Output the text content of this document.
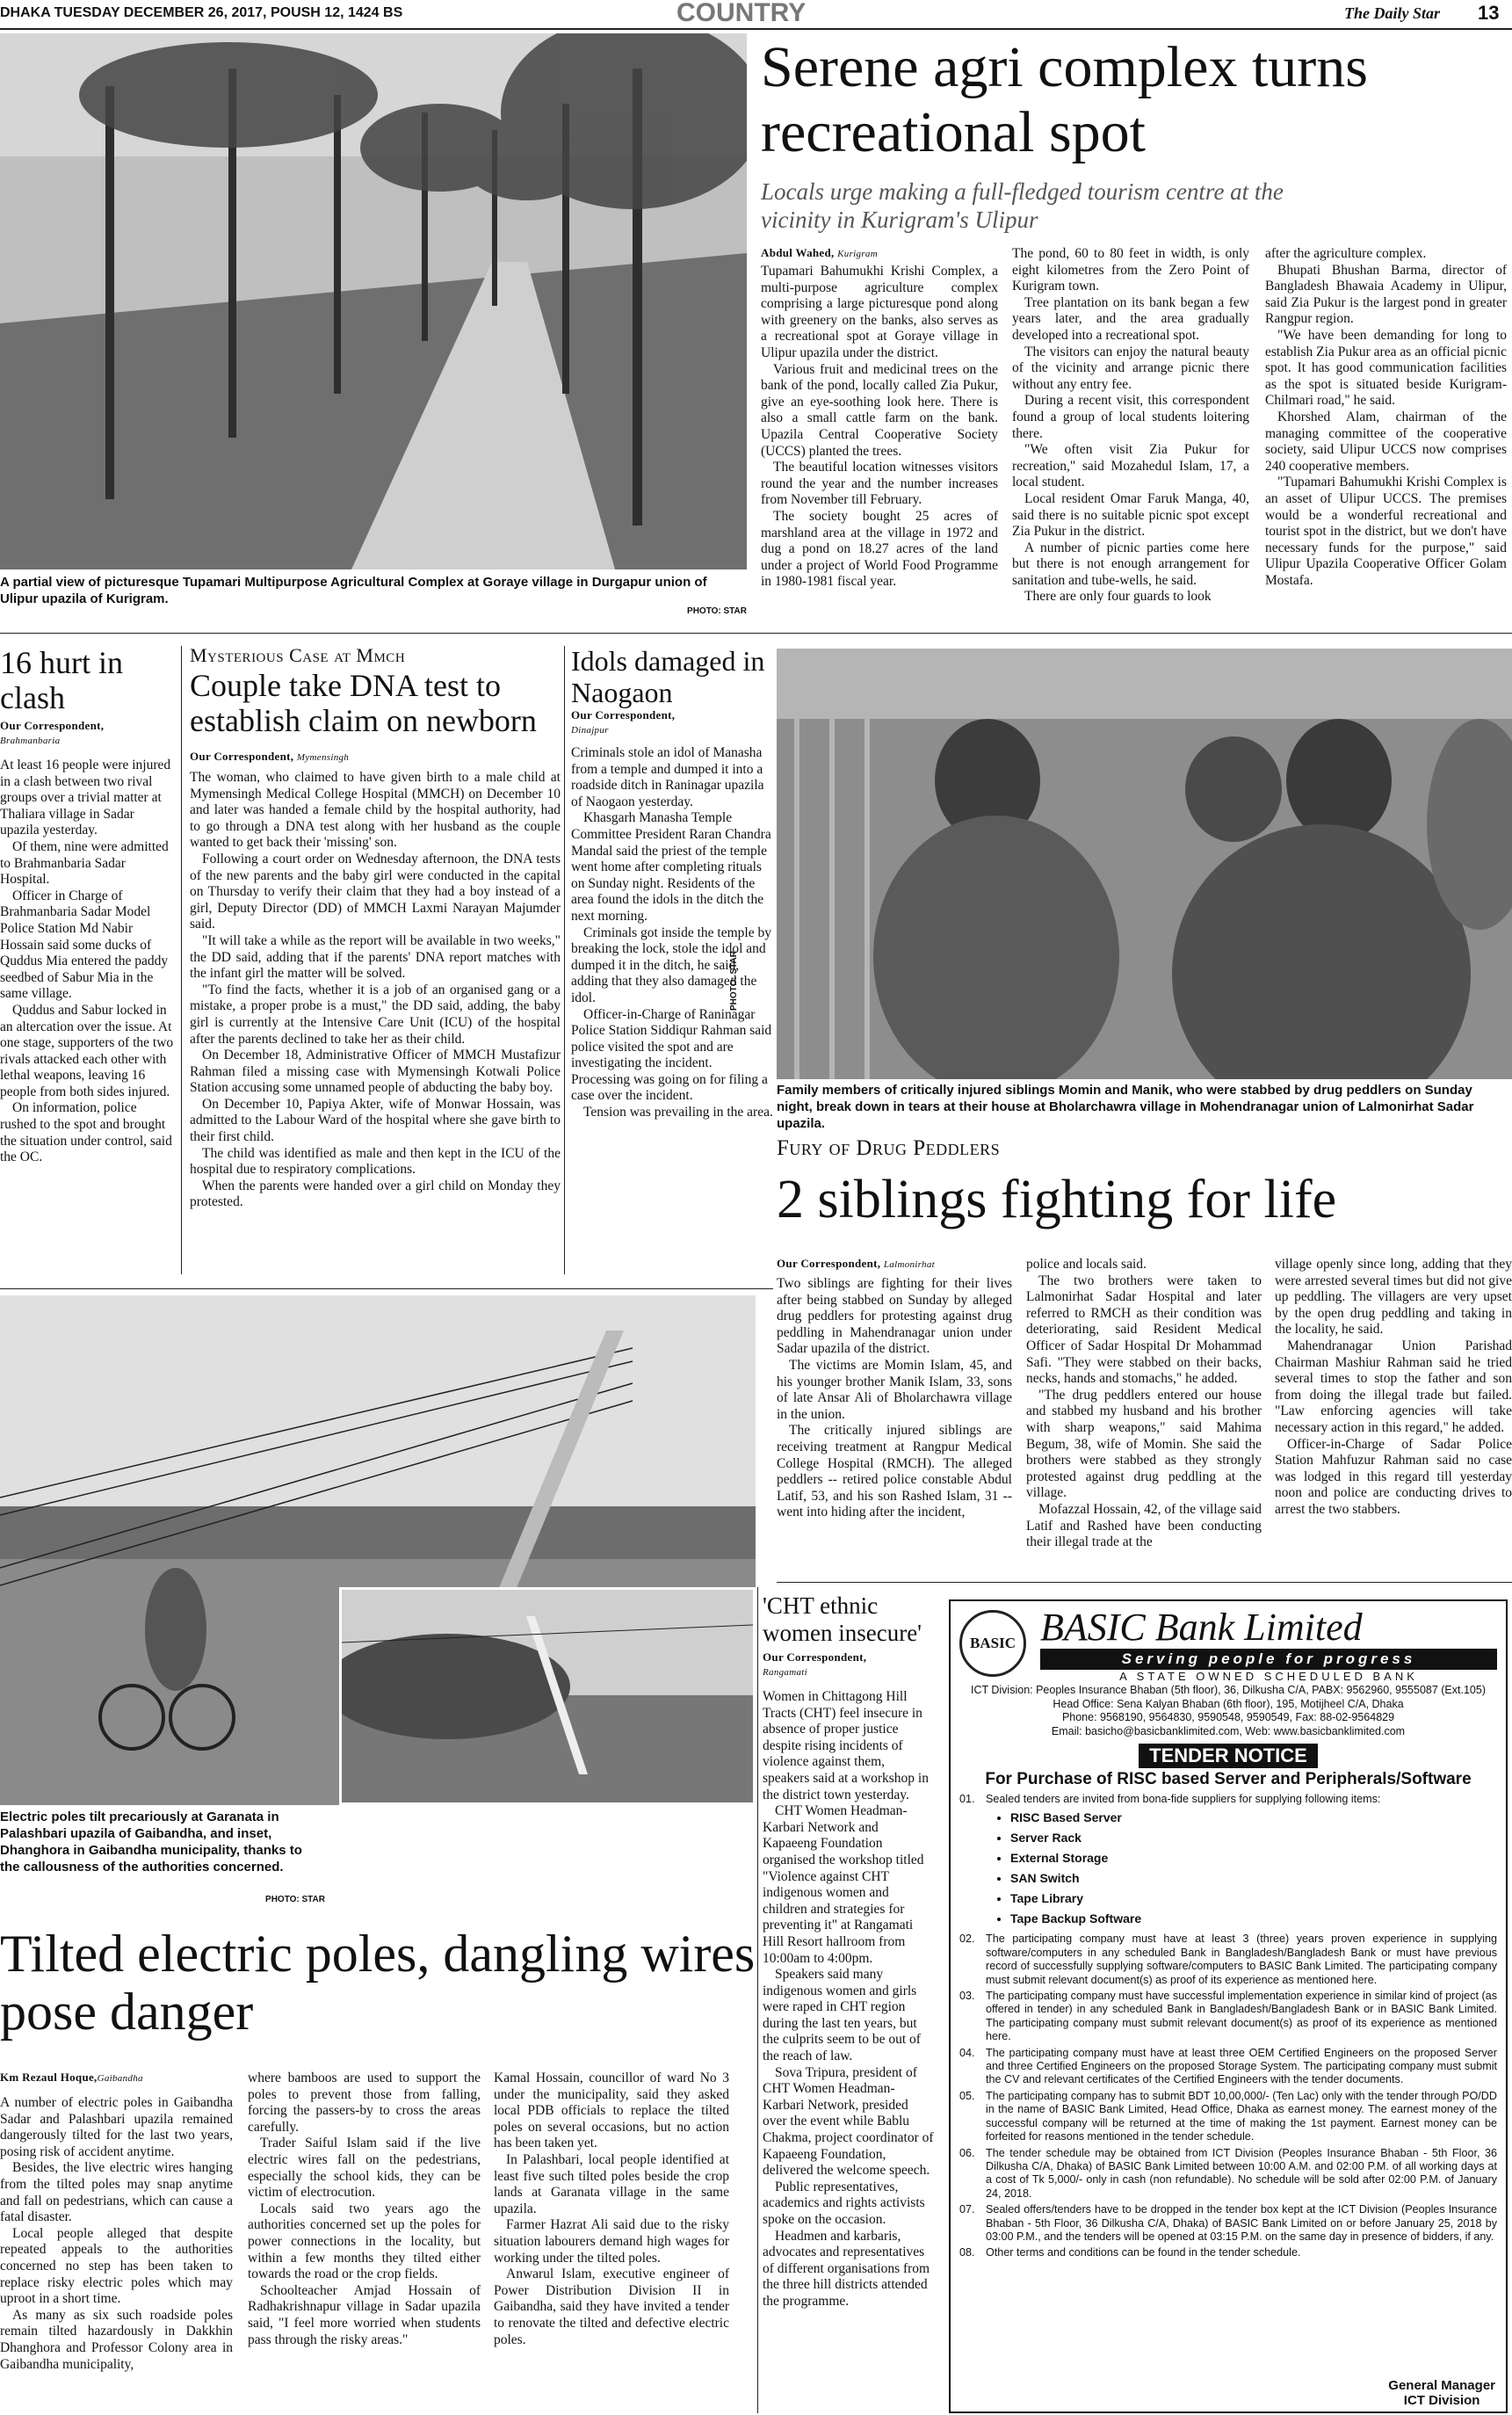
DHAKA TUESDAY DECEMBER 26, 2017, POUSH 12, 1424 BS	COUNTRY	The Daily Star 13
A partial view of picturesque Tupamari Multipurpose Agricultural Complex at Goraye village in Durgapur union of Ulipur upazila of Kurigram.
PHOTO: STAR
Serene agri complex turns recreational spot
Locals urge making a full-fledged tourism centre at the vicinity in Kurigram's Ulipur
Abdul Wahed, Kurigram

Tupamari Bahumukhi Krishi Complex, a multi-purpose agriculture complex comprising a large picturesque pond along with greenery on the banks, also serves as a recreational spot at Goraye village in Ulipur upazila under the district.

Various fruit and medicinal trees on the bank of the pond, locally called Zia Pukur, give an eye-soothing look here. There is also a small cattle farm on the bank. Upazila Central Cooperative Society (UCCS) planted the trees.

The beautiful location witnesses visitors round the year and the number increases from November till February.

The society bought 25 acres of marshland area at the village in 1972 and dug a pond on 18.27 acres of the land under a project of World Food Programme in 1980-1981 fiscal year.

The pond, 60 to 80 feet in width, is only eight kilometres from the Zero Point of Kurigram town.

Tree plantation on its bank began a few years later, and the area gradually developed into a recreational spot.

The visitors can enjoy the natural beauty of the vicinity and arrange picnic there without any entry fee.

During a recent visit, this correspondent found a group of local students loitering there.

"We often visit Zia Pukur for recreation," said Mozahedul Islam, 17, a local student.

Local resident Omar Faruk Manga, 40, said there is no suitable picnic spot except Zia Pukur in the district.

A number of picnic parties come here but there is not enough arrangement for sanitation and tube-wells, he said.

There are only four guards to look

after the agriculture complex.

Bhupati Bhushan Barma, director of Bangladesh Bhawaia Academy in Ulipur, said Zia Pukur is the largest pond in greater Rangpur region.

"We have been demanding for long to establish Zia Pukur area as an official picnic spot. It has good communication facilities as the spot is situated beside Kurigram-Chilmari road," he said.

Khorshed Alam, chairman of the managing committee of the cooperative society, said Ulipur UCCS now comprises 240 cooperative members.

"Tupamari Bahumukhi Krishi Complex is an asset of Ulipur UCCS. The premises would be a wonderful recreational and tourist spot in the district, but we don't have necessary funds for the purpose," said Ulipur Upazila Cooperative Officer Golam Mostafa.

16 hurt in clash
Our Correspondent,
Brahmanbaria

At least 16 people were injured in a clash between two rival groups over a trivial matter at Thaliara village in Sadar upazila yesterday.

Of them, nine were admitted to Brahmanbaria Sadar Hospital.

Officer in Charge of Brahmanbaria Sadar Model Police Station Md Nabir Hossain said some ducks of Quddus Mia entered the paddy seedbed of Sabur Mia in the same village.

Quddus and Sabur locked in an altercation over the issue. At one stage, supporters of the two rivals attacked each other with lethal weapons, leaving 16 people from both sides injured.

On information, police rushed to the spot and brought the situation under control, said the OC.

Mysterious Case at Mmch
Couple take DNA test to establish claim on newborn
Our Correspondent, Mymensingh

The woman, who claimed to have given birth to a male child at Mymensingh Medical College Hospital (MMCH) on December 10 and later was handed a female child by the hospital authority, had to go through a DNA test along with her husband as the couple wanted to get back their 'missing' son.

Following a court order on Wednesday afternoon, the DNA tests of the new parents and the baby girl were conducted in the capital on Thursday to verify their claim that they had a boy instead of a girl, Deputy Director (DD) of MMCH Laxmi Narayan Majumder said.

"It will take a while as the report will be available in two weeks," the DD said, adding that if the parents' DNA report matches with the infant girl the matter will be solved.

"To find the facts, whether it is a job of an organised gang or a mistake, a proper probe is a must," the DD said, adding, the baby girl is currently at the Intensive Care Unit (ICU) of the hospital after the parents declined to take her as their child.

On December 18, Administrative Officer of MMCH Mustafizur Rahman filed a missing case with Mymensingh Kotwali Police Station accusing some unnamed people of abducting the baby boy.

On December 10, Papiya Akter, wife of Monwar Hossain, was admitted to the Labour Ward of the hospital where she gave birth to their first child.

The child was identified as male and then kept in the ICU of the hospital due to respiratory complications.

When the parents were handed over a girl child on Monday they protested.

Idols damaged in Naogaon
Our Correspondent,
Dinajpur

Criminals stole an idol of Manasha from a temple and dumped it into a roadside ditch in Raninagar upazila of Naogaon yesterday.

Khasgarh Manasha Temple Committee President Raran Chandra Mandal said the priest of the temple went home after completing rituals on Sunday night. Residents of the area found the idols in the ditch the next morning.

Criminals got inside the temple by breaking the lock, stole the idol and dumped it in the ditch, he said, adding that they also damaged the idol.

Officer-in-Charge of Raninagar Police Station Siddiqur Rahman said police visited the spot and are investigating the incident. Processing was going on for filing a case over the incident.

Tension was prevailing in the area.

PHOTO: STAR
Family members of critically injured siblings Momin and Manik, who were stabbed by drug peddlers on Sunday night, break down in tears at their house at Bholarchawra village in Mohendranagar union of Lalmonirhat Sadar upazila.
Fury of Drug Peddlers
2 siblings fighting for life
Our Correspondent, Lalmonirhat

Two siblings are fighting for their lives after being stabbed on Sunday by alleged drug peddlers for protesting against drug peddling in Mahendranagar union under Sadar upazila of the district.

The victims are Momin Islam, 45, and his younger brother Manik Islam, 33, sons of late Ansar Ali of Bholarchawra village in the union.

The critically injured siblings are receiving treatment at Rangpur Medical College Hospital (RMCH). The alleged peddlers -- retired police constable Abdul Latif, 53, and his son Rashed Islam, 31 -- went into hiding after the incident,

police and locals said.

The two brothers were taken to Lalmonirhat Sadar Hospital and later referred to RMCH as their condition was deteriorating, said Resident Medical Officer of Sadar Hospital Dr Mohammad Safi. "They were stabbed on their backs, necks, hands and stomachs," he added.

"The drug peddlers entered our house and stabbed my husband and his brother with sharp weapons," said Mahima Begum, 38, wife of Momin. She said the brothers were stabbed as they strongly protested against drug peddling at the village.

Mofazzal Hossain, 42, of the village said Latif and Rashed have been conducting their illegal trade at the

village openly since long, adding that they were arrested several times but did not give up peddling. The villagers are very upset by the open drug peddling and taking in the locality, he said.

Mahendranagar Union Parishad Chairman Mashiur Rahman said he tried several times to stop the father and son from doing the illegal trade but failed. "Law enforcing agencies will take necessary action in this regard," he added.

Officer-in-Charge of Sadar Police Station Mahfuzur Rahman said no case was lodged in this regard till yesterday noon and police are conducting drives to arrest the two stabbers.

Electric poles tilt precariously at Garanata in Palashbari upazila of Gaibandha, and inset, Dhanghora in Gaibandha municipality, thanks to the callousness of the authorities concerned.
PHOTO: STAR
Tilted electric poles, dangling wires pose danger
Km Rezaul Hoque,Gaibandha

A number of electric poles in Gaibandha Sadar and Palashbari upazila remained dangerously tilted for the last two years, posing risk of accident anytime.

Besides, the live electric wires hanging from the tilted poles may snap anytime and fall on pedestrians, which can cause a fatal disaster.

Local people alleged that despite repeated appeals to the authorities concerned no step has been taken to replace risky electric poles which may uproot in a short time.

As many as six such roadside poles remain tilted hazardously in Dakkhin Dhanghora and Professor Colony area in Gaibandha municipality,

where bamboos are used to support the poles to prevent those from falling, forcing the passers-by to cross the areas carefully.

Trader Saiful Islam said if the live electric wires fall on the pedestrians, especially the school kids, they can be victim of electrocution.

Locals said two years ago the authorities concerned set up the poles for power connections in the locality, but within a few months they tilted either towards the road or the crop fields.

Schoolteacher Amjad Hossain of Radhakrishnapur village in Sadar upazila said, "I feel more worried when students pass through the risky areas."

Kamal Hossain, councillor of ward No 3 under the municipality, said they asked local PDB officials to replace the tilted poles on several occasions, but no action has been taken yet.

In Palashbari, local people identified at least five such tilted poles beside the crop lands at Garanata village in the same upazila.

Farmer Hazrat Ali said due to the risky situation labourers demand high wages for working under the tilted poles.

Anwarul Islam, executive engineer of Power Distribution Division II in Gaibandha, said they have invited a tender to renovate the tilted and defective electric poles.

'CHT ethnic women insecure'
Our Correspondent,
Rangamati

Women in Chittagong Hill Tracts (CHT) feel insecure in absence of proper justice despite rising incidents of violence against them, speakers said at a workshop in the district town yesterday.

CHT Women Headman-Karbari Network and Kapaeeng Foundation organised the workshop titled "Violence against CHT indigenous women and children and strategies for preventing it" at Rangamati Hill Resort hallroom from 10:00am to 4:00pm.

Speakers said many indigenous women and girls were raped in CHT region during the last ten years, but the culprits seem to be out of the reach of law.

Sova Tripura, president of CHT Women Headman-Karbari Network, presided over the event while Bablu Chakma, project coordinator of Kapaeeng Foundation, delivered the welcome speech.

Public representatives, academics and rights activists spoke on the occasion.

Headmen and karbaris, advocates and representatives of different organisations from the three hill districts attended the programme.

BASIC BASIC Bank Limited
Serving people for progress
A STATE OWNED SCHEDULED BANK
ICT Division: Peoples Insurance Bhaban (5th floor), 36, Dilkusha C/A, PABX: 9562960, 9555087 (Ext.105)
Head Office: Sena Kalyan Bhaban (6th floor), 195, Motijheel C/A, Dhaka
Phone: 9568190, 9564830, 9590548, 9590549, Fax: 88-02-9564829
Email: basicho@basicbanklimited.com, Web: www.basicbanklimited.com
TENDER NOTICE
For Purchase of RISC based Server and Peripherals/Software
01. Sealed tenders are invited from bona-fide suppliers for supplying following items:
• RISC Based Server
• Server Rack
• External Storage
• SAN Switch
• Tape Library
• Tape Backup Software
02. The participating company must have at least 3 (three) years proven experience in supplying software/computers in any scheduled Bank in Bangladesh/Bangladesh Bank or must have previous record of successfully supplying software/computers to BASIC Bank Limited. The participating company must submit relevant document(s) as proof of its experience as mentioned here.
03. The participating company must have successful implementation experience in similar kind of project (as offered in tender) in any scheduled Bank in Bangladesh/Bangladesh Bank or in BASIC Bank Limited. The participating company must submit relevant document(s) as proof of its experience as mentioned here.
04. The participating company must have at least three OEM Certified Engineers on the proposed Server and three Certified Engineers on the proposed Storage System. The participating company must submit the CV and relevant certificates of the Certified Engineers with the tender documents.
05. The participating company has to submit BDT 10,00,000/- (Ten Lac) only with the tender through PO/DD in the name of BASIC Bank Limited, Head Office, Dhaka as earnest money. The earnest money of the successful company will be returned at the time of making the 1st payment. Earnest money can be forfeited for reasons mentioned in the tender schedule.
06. The tender schedule may be obtained from ICT Division (Peoples Insurance Bhaban - 5th Floor, 36 Dilkusha C/A, Dhaka) of BASIC Bank Limited between 10:00 A.M. and 02:00 P.M. of all working days at a cost of Tk 5,000/- only in cash (non refundable). No schedule will be sold after 02:00 P.M. of January 24, 2018.
07. Sealed offers/tenders have to be dropped in the tender box kept at the ICT Division (Peoples Insurance Bhaban - 5th Floor, 36 Dilkusha C/A, Dhaka) of BASIC Bank Limited on or before January 25, 2018 by 03:00 P.M., and the tenders will be opened at 03:15 P.M. on the same day in presence of bidders, if any.
08. Other terms and conditions can be found in the tender schedule.
General Manager
ICT Division
